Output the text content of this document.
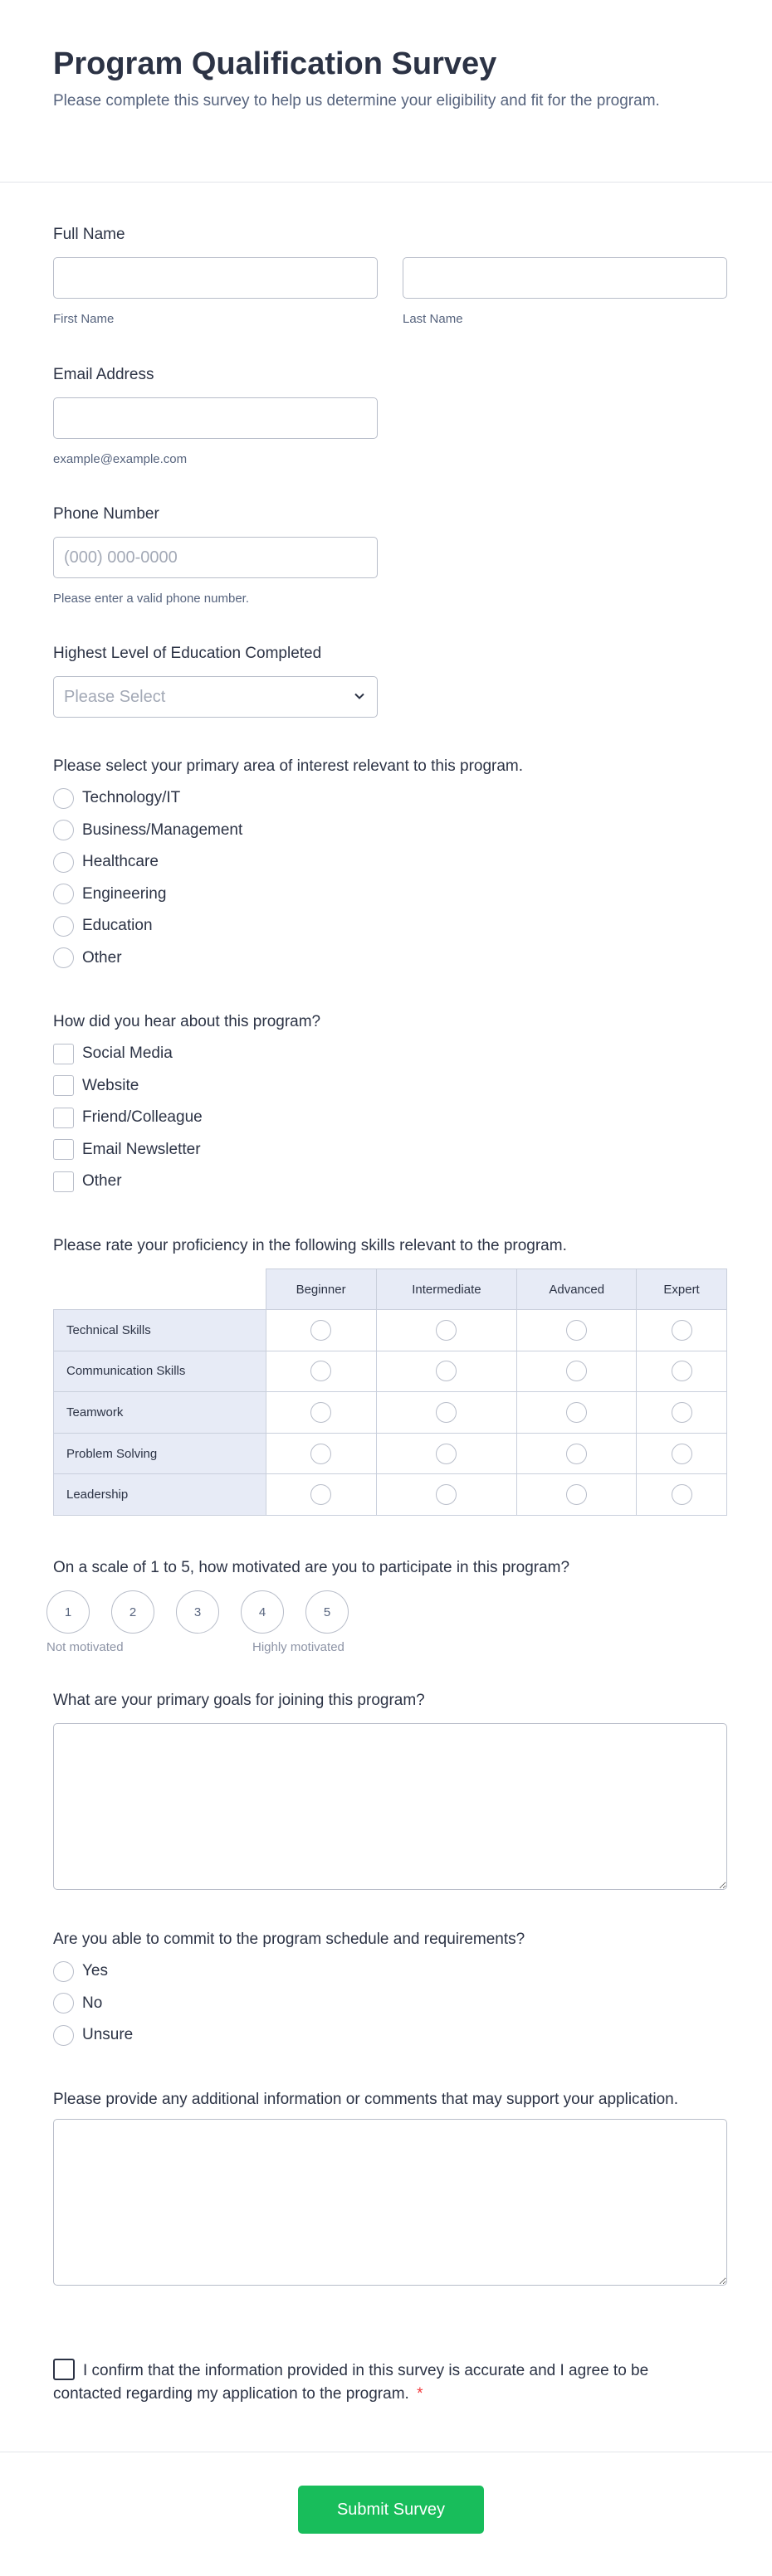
Program Qualification Survey

Please complete this survey to help us determine your eligibility and fit for the program.

Full Name
First Name	Last Name
Email Address
example@example.com
Phone Number
(000) 000-0000
Please enter a valid phone number.
Highest Level of Education Completed
Please Select
Please select your primary area of interest relevant to this program.
Technology/IT
Business/Management
Healthcare
Engineering
Education
Other
How did you hear about this program?
Social Media
Website
Friend/Colleague
Email Newsletter
Other
Please rate your proficiency in the following skills relevant to the program.
	Beginner	Intermediate	Advanced	Expert
Technical Skills				
Communication Skills				
Teamwork				
Problem Solving				
Leadership				
On a scale of 1 to 5, how motivated are you to participate in this program?
1	2	3	4	5
Not motivated	Highly motivated
What are your primary goals for joining this program?
Are you able to commit to the program schedule and requirements?
Yes
No
Unsure
Please provide any additional information or comments that may support your application.
I confirm that the information provided in this survey is accurate and I agree to be contacted regarding my application to the program. *
Submit Survey
